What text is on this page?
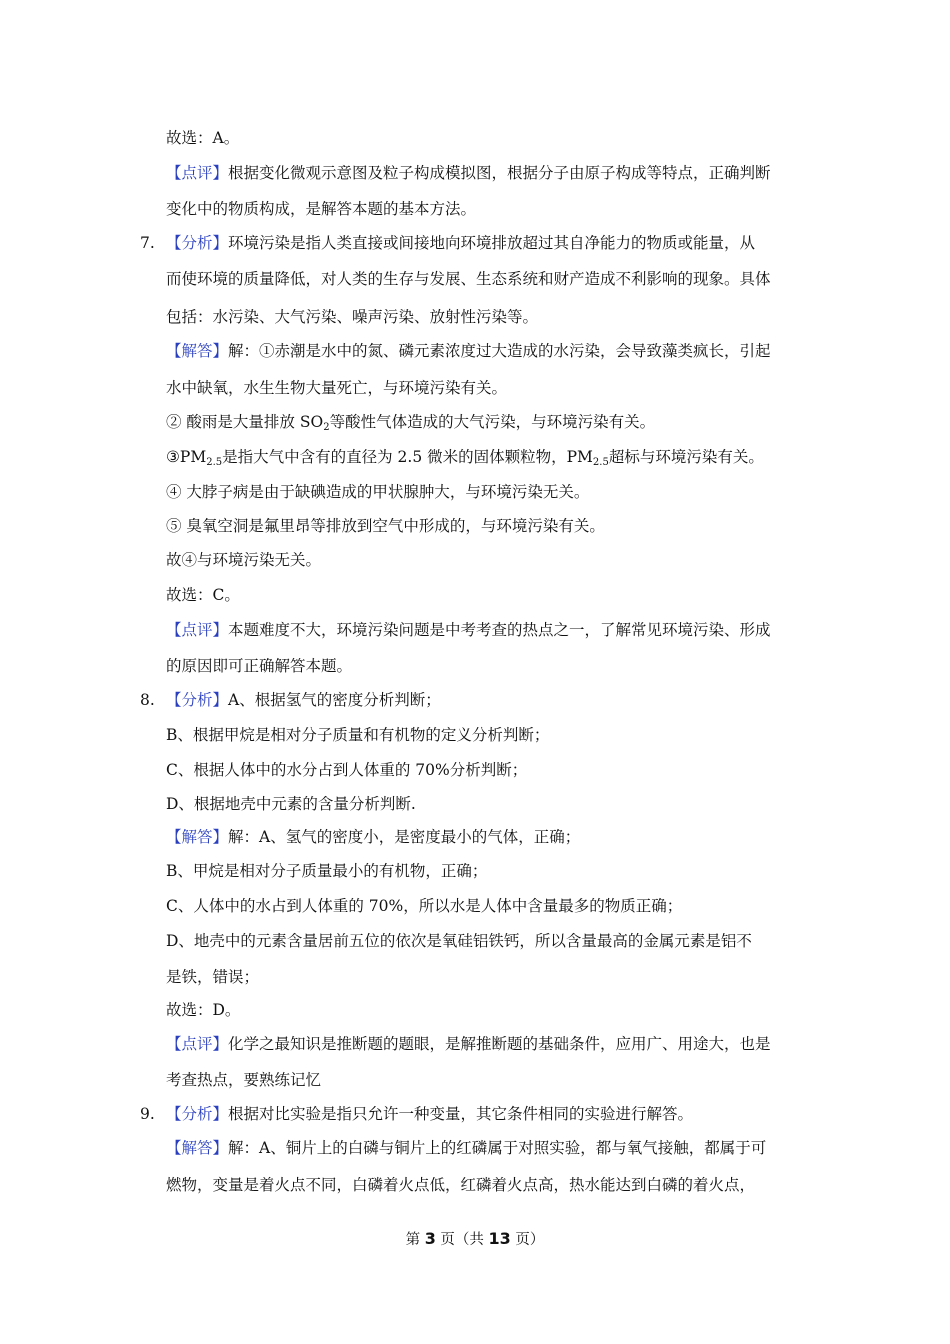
故选：A。
【点评】根据变化微观示意图及粒子构成模拟图，根据分子由原子构成等特点，正确判断
变化中的物质构成，是解答本题的基本方法。
7. 【分析】环境污染是指人类直接或间接地向环境排放超过其自净能力的物质或能量，从
而使环境的质量降低，对人类的生存与发展、生态系统和财产造成不利影响的现象。具体
包括：水污染、大气污染、噪声污染、放射性污染等。
【解答】解：①赤潮是水中的氮、磷元素浓度过大造成的水污染，会导致藻类疯长，引起
水中缺氧，水生生物大量死亡，与环境污染有关。
② 酸雨是大量排放 $SO_2$等酸性气体造成的大气污染，与环境污染有关。
$③PM_{2.5}$是指大气中含有的直径为 2.5 微米的固体颗粒物，$PM_{2.5}$超标与环境污染有关。
④ 大脖子病是由于缺碘造成的甲状腺肿大，与环境污染无关。
⑤ 臭氧空洞是氟里昂等排放到空气中形成的，与环境污染有关。
故④与环境污染无关。
故选：C。
【点评】本题难度不大，环境污染问题是中考考查的热点之一，了解常见环境污染、形成
的原因即可正确解答本题。
8. 【分析】A、根据氢气的密度分析判断；
B、根据甲烷是相对分子质量和有机物的定义分析判断；
C、根据人体中的水分占到人体重的 70%分析判断；
D、根据地壳中元素的含量分析判断.
【解答】解：A、氢气的密度小，是密度最小的气体，正确；
B、甲烷是相对分子质量最小的有机物，正确；
C、人体中的水占到人体重的 70%，所以水是人体中含量最多的物质正确；
D、地壳中的元素含量居前五位的依次是氧硅铝铁钙，所以含量最高的金属元素是铝不
是铁，错误；
故选：D。
【点评】化学之最知识是推断题的题眼，是解推断题的基础条件，应用广、用途大，也是
考查热点，要熟练记忆
9. 【分析】根据对比实验是指只允许一种变量，其它条件相同的实验进行解答。
【解答】解：A、铜片上的白磷与铜片上的红磷属于对照实验，都与氧气接触，都属于可
燃物，变量是着火点不同，白磷着火点低，红磷着火点高，热水能达到白磷的着火点，
第 3 页（共 13 页）
